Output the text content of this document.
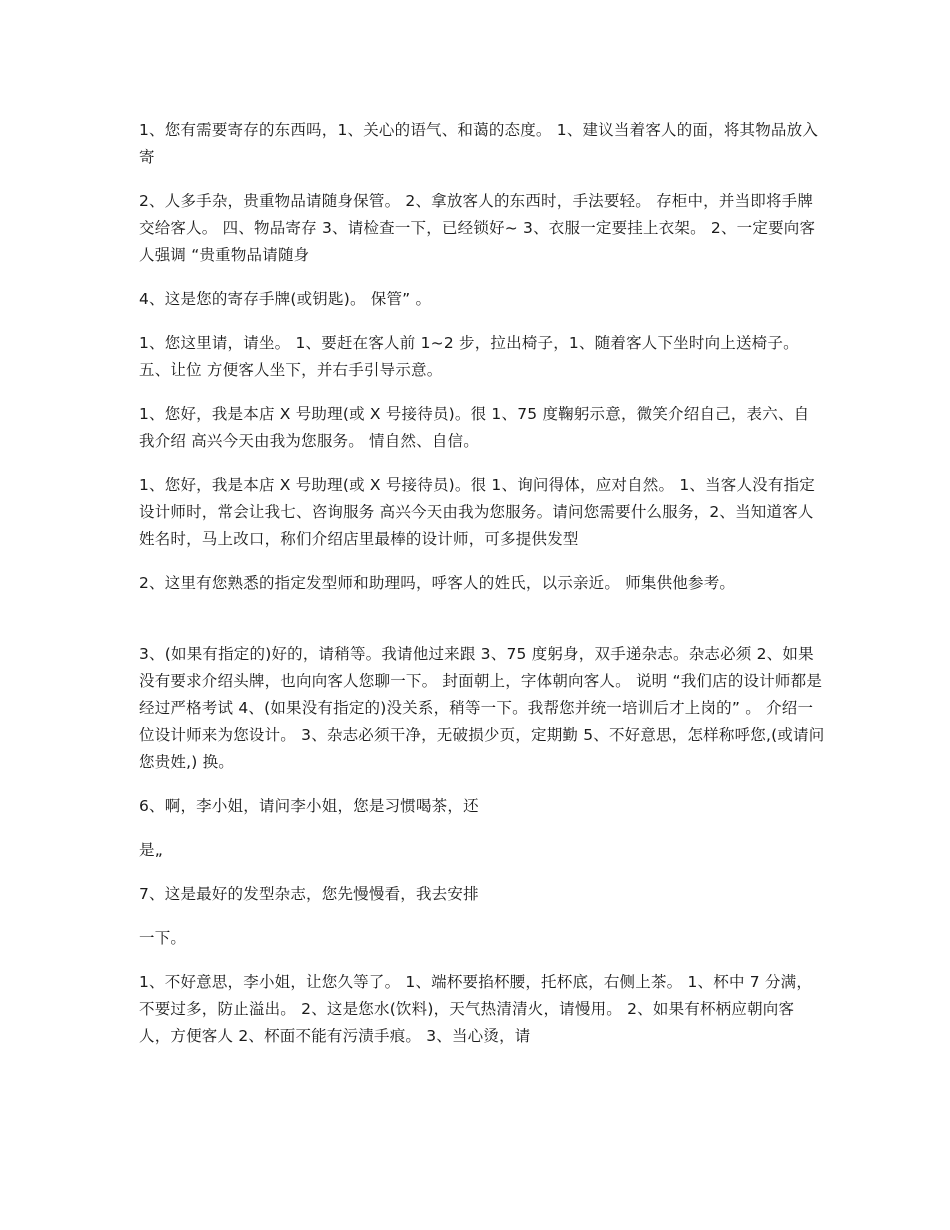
1、您有需要寄存的东西吗，1、关心的语气、和蔼的态度。 1、建议当着客人的面，将其物品放入寄

2、人多手杂，贵重物品请随身保管。 2、拿放客人的东西时，手法要轻。 存柜中，并当即将手牌交给客人。 四、物品寄存 3、请检查一下，已经锁好~ 3、衣服一定要挂上衣架。 2、一定要向客人强调 “贵重物品请随身

4、这是您的寄存手牌(或钥匙)。 保管” 。

1、您这里请，请坐。 1、要赶在客人前 1~2 步，拉出椅子，1、随着客人下坐时向上送椅子。 五、让位 方便客人坐下，并右手引导示意。

1、您好，我是本店 X 号助理(或 X 号接待员)。很 1、75 度鞠躬示意，微笑介绍自己，表六、自我介绍 高兴今天由我为您服务。 情自然、自信。

1、您好，我是本店 X 号助理(或 X 号接待员)。很 1、询问得体，应对自然。 1、当客人没有指定设计师时，常会让我七、咨询服务 高兴今天由我为您服务。请问您需要什么服务，2、当知道客人姓名时，马上改口，称们介绍店里最棒的设计师，可多提供发型

2、这里有您熟悉的指定发型师和助理吗，呼客人的姓氏，以示亲近。 师集供他参考。

3、(如果有指定的)好的，请稍等。我请他过来跟 3、75 度躬身，双手递杂志。杂志必须 2、如果没有要求介绍头牌，也向向客人您聊一下。 封面朝上，字体朝向客人。 说明 “我们店的设计师都是经过严格考试 4、(如果没有指定的)没关系，稍等一下。我帮您并统一培训后才上岗的” 。 介绍一位设计师来为您设计。 3、杂志必须干净，无破损少页，定期勤 5、不好意思，怎样称呼您,(或请问您贵姓,) 换。

6、啊，李小姐，请问李小姐，您是习惯喝茶，还

是„

7、这是最好的发型杂志，您先慢慢看，我去安排

一下。

1、不好意思，李小姐，让您久等了。 1、端杯要掐杯腰，托杯底，右侧上茶。 1、杯中 7 分满，不要过多，防止溢出。 2、这是您水(饮料)，天气热清清火，请慢用。 2、如果有杯柄应朝向客人，方便客人 2、杯面不能有污渍手痕。 3、当心烫，请
